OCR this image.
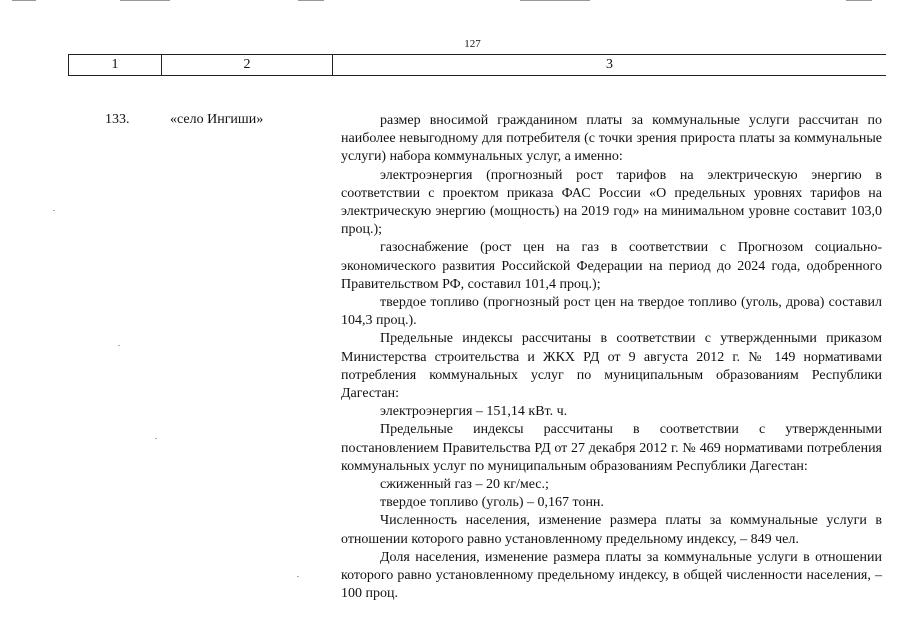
127
1	2	3
133.	«село Ингиши»	размер вносимой гражданином платы за коммунальные услуги рассчитан по наиболее невыгодному для потребителя (с точки зрения прироста платы за коммунальные услуги) набора коммунальных услуг, а именно:

электроэнергия (прогнозный рост тарифов на электрическую энергию в соответствии с проектом приказа ФАС России «О предельных уровнях тарифов на электрическую энергию (мощность) на 2019 год» на минимальном уровне составит 103,0 проц.);

газоснабжение (рост цен на газ в соответствии с Прогнозом социально-экономического развития Российской Федерации на период до 2024 года, одобренного Правительством РФ, составил 101,4 проц.);

твердое топливо (прогнозный рост цен на твердое топливо (уголь, дрова) составил 104,3 проц.).

Предельные индексы рассчитаны в соответствии с утвержденными приказом Министерства строительства и ЖКХ РД от 9 августа 2012 г. № 149 нормативами потребления коммунальных услуг по муниципальным образованиям Республики Дагестан:

электроэнергия – 151,14 кВт. ч.

Предельные индексы рассчитаны в соответствии с утвержденными постановлением Правительства РД от 27 декабря 2012 г. № 469 нормативами потребления коммунальных услуг по муниципальным образованиям Республики Дагестан:

сжиженный газ – 20 кг/мес.;

твердое топливо (уголь) – 0,167 тонн.

Численность населения, изменение размера платы за коммунальные услуги в отношении которого равно установленному предельному индексу, – 849 чел.

Доля населения, изменение размера платы за коммунальные услуги в отношении которого равно установленному предельному индексу, в общей численности населения, – 100 проц.
